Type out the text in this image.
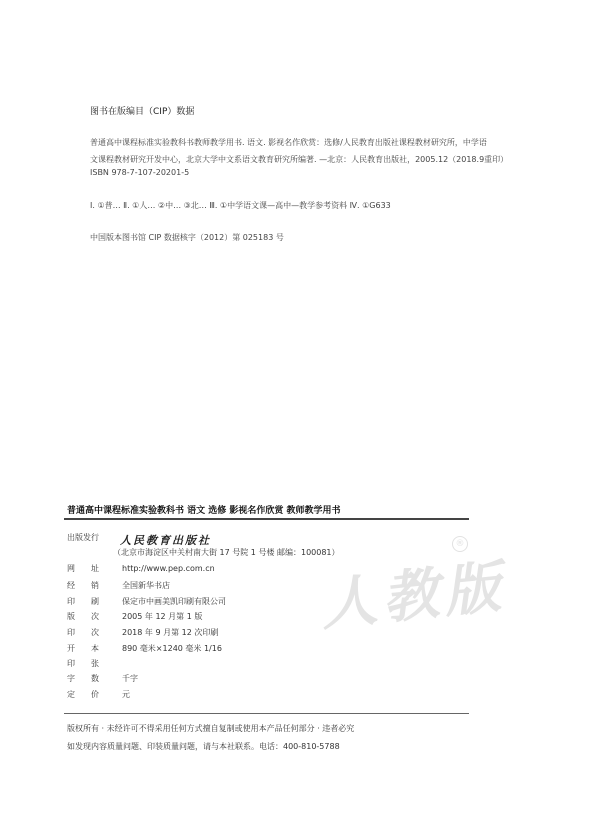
图书在版编目（CIP）数据
普通高中课程标准实验教科书教师教学用书. 语文. 影视名作欣赏：选修/人民教育出版社课程教材研究所，中学语
文课程教材研究开发中心，北京大学中文系语文教育研究所编著. —北京：人民教育出版社，2005.12（2018.9重印）
ISBN 978-7-107-20201-5
Ⅰ. ①普… Ⅱ. ①人… ②中… ③北… Ⅲ. ①中学语文课—高中—教学参考资料 Ⅳ. ①G633
中国版本图书馆 CIP 数据核字（2012）第 025183 号
普通高中课程标准实验教科书 语文 选修 影视名作欣赏 教师教学用书
人教版
®
出版发行	人民教育出版社
（北京市海淀区中关村南大街 17 号院 1 号楼 邮编：100081）
网　　址	http://www.pep.com.cn
经　　销	全国新华书店
印　　刷	保定市中画美凯印刷有限公司
版　　次	2005 年 12 月第 1 版
印　　次	2018 年 9 月第 12 次印刷
开　　本	890 毫米×1240 毫米 1/16
印　　张
字　　数	千字
定　　价	元
版权所有 · 未经许可不得采用任何方式擅自复制或使用本产品任何部分 · 违者必究
如发现内容质量问题、印装质量问题，请与本社联系。电话：400-810-5788
